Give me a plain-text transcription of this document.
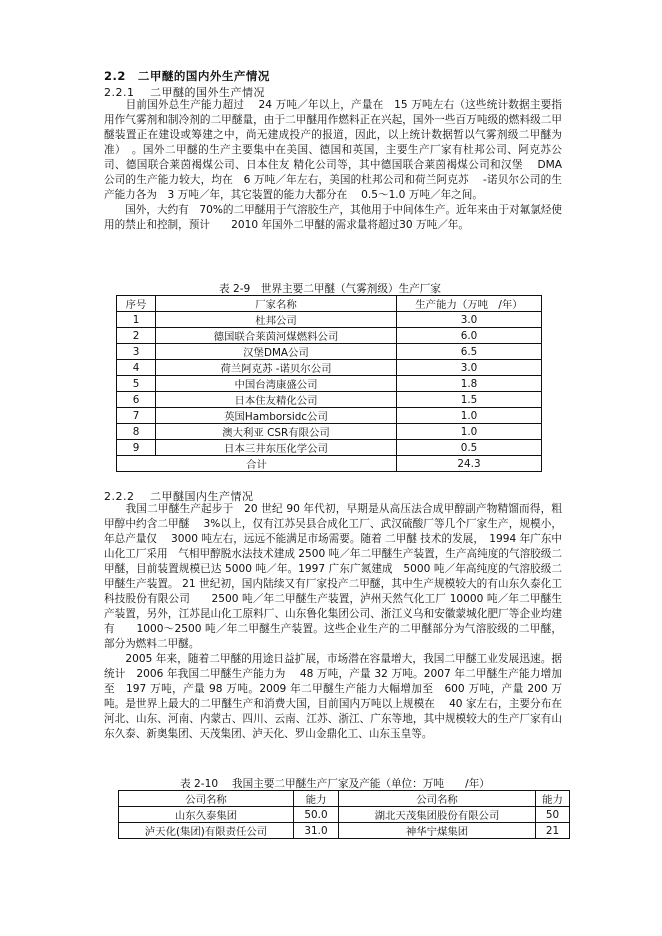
2.2　二甲醚的国内外生产情况
2.2.1　 二甲醚的国外生产情况

　　目前国外总生产能力超过　 24 万吨／年以上，产量在　15 万吨左右（这些统计数据主要指用作气雾剂和制冷剂的二甲醚量，由于二甲醚用作燃料正在兴起，国外一些百万吨级的燃料级二甲醚装置正在建设或筹建之中，尚无建成投产的报道，因此，以上统计数据暂以气雾剂级二甲醚为准）　。国外二甲醚的生产主要集中在美国、德国和英国，主要生产厂家有杜邦公司、阿克苏公司、德国联合莱茵褐煤公司、日本住友 精化公司等，其中德国联合莱茵褐煤公司和汉堡　 DMA 公司的生产能力较大，均在　6 万吨／年左右，美国的杜邦公司和荷兰阿克苏　 -诺贝尔公司的生产能力各为　3 万吨／年，其它装置的能力大都分在　 0.5～1.0 万吨／年之间。

　　国外，大约有　70%的二甲醚用于气溶胶生产，其他用于中间体生产。近年来由于对氟氯烃使用的禁止和控制，预计　　2010 年国外二甲醚的需求量将超过30 万吨／年。

表 2-9　世界主要二甲醚（气雾剂级）生产厂家
序号	厂家名称	生产能力（万吨　/年）
1	杜邦公司	3.0
2	德国联合莱茵河煤燃料公司	6.0
3	汉堡DMA公司	6.5
4	荷兰阿克苏 -诺贝尔公司	3.0
5	中国台湾康盛公司	1.8
6	日本住友精化公司	1.5
7	英国Hamborsidc公司	1.0
8	澳大利亚 CSR有限公司	1.0
9	日本三井东压化学公司	0.5
合计		24.3
2.2.2　 二甲醚国内生产情况

　　我国二甲醚生产起步于　20 世纪 90 年代初，早期是从高压法合成甲醇副产物精馏而得，粗甲醇中约含二甲醚　 3%以上，仅有江苏吴县合成化工厂、武汉硫酸厂等几个厂家生产，规模小，年总产量仅　 3000 吨左右，远远不能满足市场需要。随着 二甲醚 技术的发展，　1994 年广东中山化工厂采用　气相甲醇脱水法技术建成 2500 吨／年二甲醚生产装置，生产高纯度的气溶胶级二甲醚，目前装置规模已达 5000 吨／年。1997 广东广氮建成　5000 吨／年高纯度的气溶胶级二甲醚生产装置。 21 世纪初，国内陆续又有厂家投产二甲醚，其中生产规模较大的有山东久泰化工科技股份有限公司　　2500 吨／年二甲醚生产装置，泸州天然气化工厂 10000 吨／年二甲醚生产装置，另外，江苏昆山化工原料厂、山东鲁化集团公司、浙江义乌和安徽蒙城化肥厂等企业均建有　　1000～2500 吨／年二甲醚生产装置。这些企业生产的二甲醚部分为气溶胶级的二甲醚，部分为燃料二甲醚。

　　2005 年来，随着二甲醚的用途日益扩展，市场潜在容量增大，我国二甲醚工业发展迅速。据统计　2006 年我国二甲醚生产能力为　 48 万吨，产量 32 万吨。2007 年二甲醚生产能力增加至　197 万吨，产量 98 万吨。2009 年二甲醚生产能力大幅增加至　600 万吨，产量 200 万吨。是世界上最大的二甲醚生产和消费大国，目前国内万吨以上规模在　 40 家左右，主要分布在河北、山东、河南、内蒙古、四川、云南、江苏、浙江、广东等地，其中规模较大的生产厂家有山东久泰、新奥集团、天茂集团、泸天化、罗山金鼎化工、山东玉皇等。

表 2-10　 我国主要二甲醚生产厂家及产能（单位：万吨　　/年）
公司名称	能力	公司名称	能力
山东久泰集团	50.0	湖北天茂集团股份有限公司	50
泸天化(集团)有限责任公司	31.0	神华宁煤集团	21
